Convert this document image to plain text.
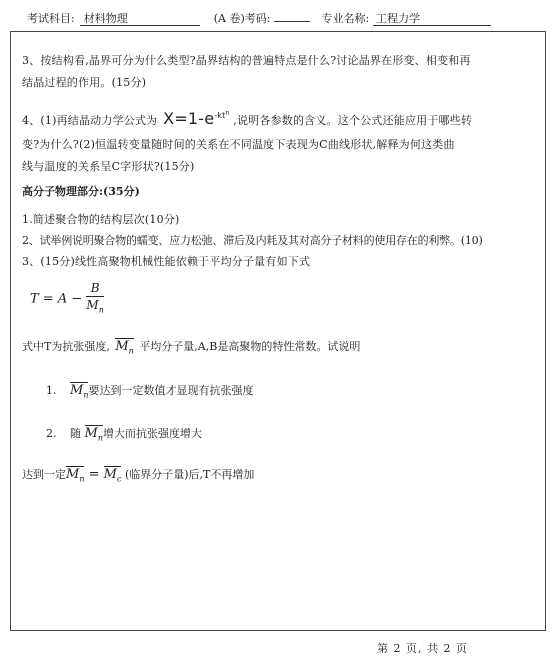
考试科目: 材料物理	(A 卷)考码:	专业名称: 工程力学
3、按结构看,晶界可分为什么类型?晶界结构的普遍特点是什么?讨论晶界在形变、相变和再
结晶过程的作用。(15分)
4、(1)再结晶动力学公式为 $X=1-e^{-kt^n}$ ,说明各参数的含义。这个公式还能应用于哪些转
变?为什么?(2)恒温转变量随时间的关系在不同温度下表现为C曲线形状,解释为何这类曲
线与温度的关系呈C字形状?(15分)
高分子物理部分:(35分)
1.简述聚合物的结构层次(10分)
2、试举例说明聚合物的蠕变、应力松弛、滞后及内耗及其对高分子材料的使用存在的利弊。(10)
3、(15分)线性高聚物机械性能依赖于平均分子量有如下式
$T = A - \frac{B}{M_n}$
式中T为抗张强度, $M_n$ 平均分子量,A,B是高聚物的特性常数。试说明
1. $M_n$要达到一定数值才显现有抗张强度
2. 随 $M_n$增大而抗张强度增大
达到一定$M_n = M_c$ (临界分子量)后,T不再增加
第 2 页, 共 2 页
